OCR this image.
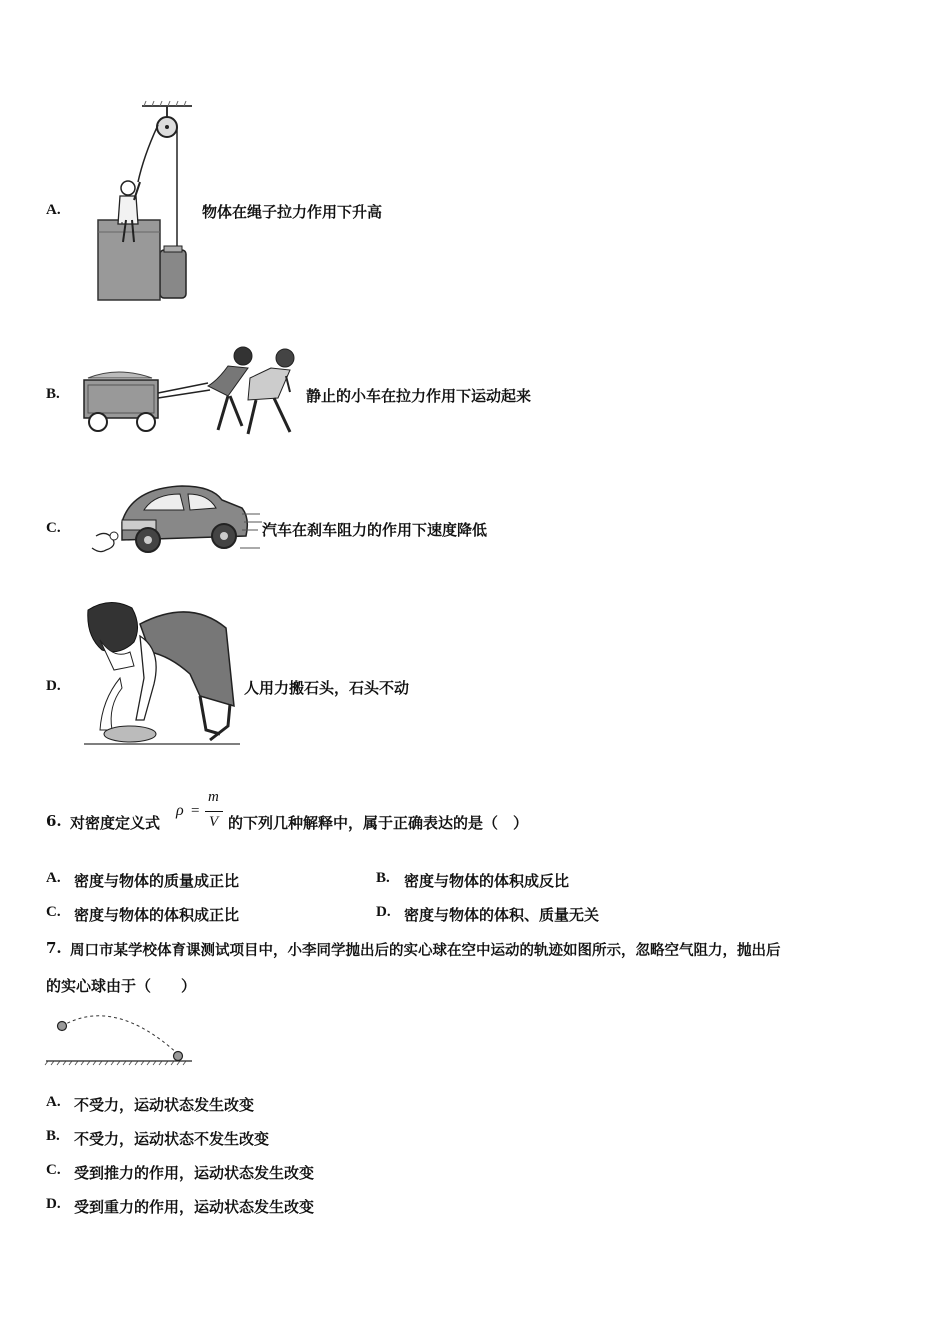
A.	物体在绳子拉力作用下升高
B.	静止的小车在拉力作用下运动起来
C.	汽车在刹车阻力的作用下速度降低
D.	人用力搬石头，石头不动
6. 对密度定义式
ρ =
m
V 的下列几种解释中，属于正确表达的是（　）
A. 密度与物体的质量成正比	B. 密度与物体的体积成反比
C. 密度与物体的体积成正比	D. 密度与物体的体积、质量无关
7. 周口市某学校体育课测试项目中，小李同学抛出后的实心球在空中运动的轨迹如图所示，忽略空气阻力，抛出后
的实心球由于（　　）
A. 不受力，运动状态发生改变
B. 不受力，运动状态不发生改变
C. 受到推力的作用，运动状态发生改变
D. 受到重力的作用，运动状态发生改变
